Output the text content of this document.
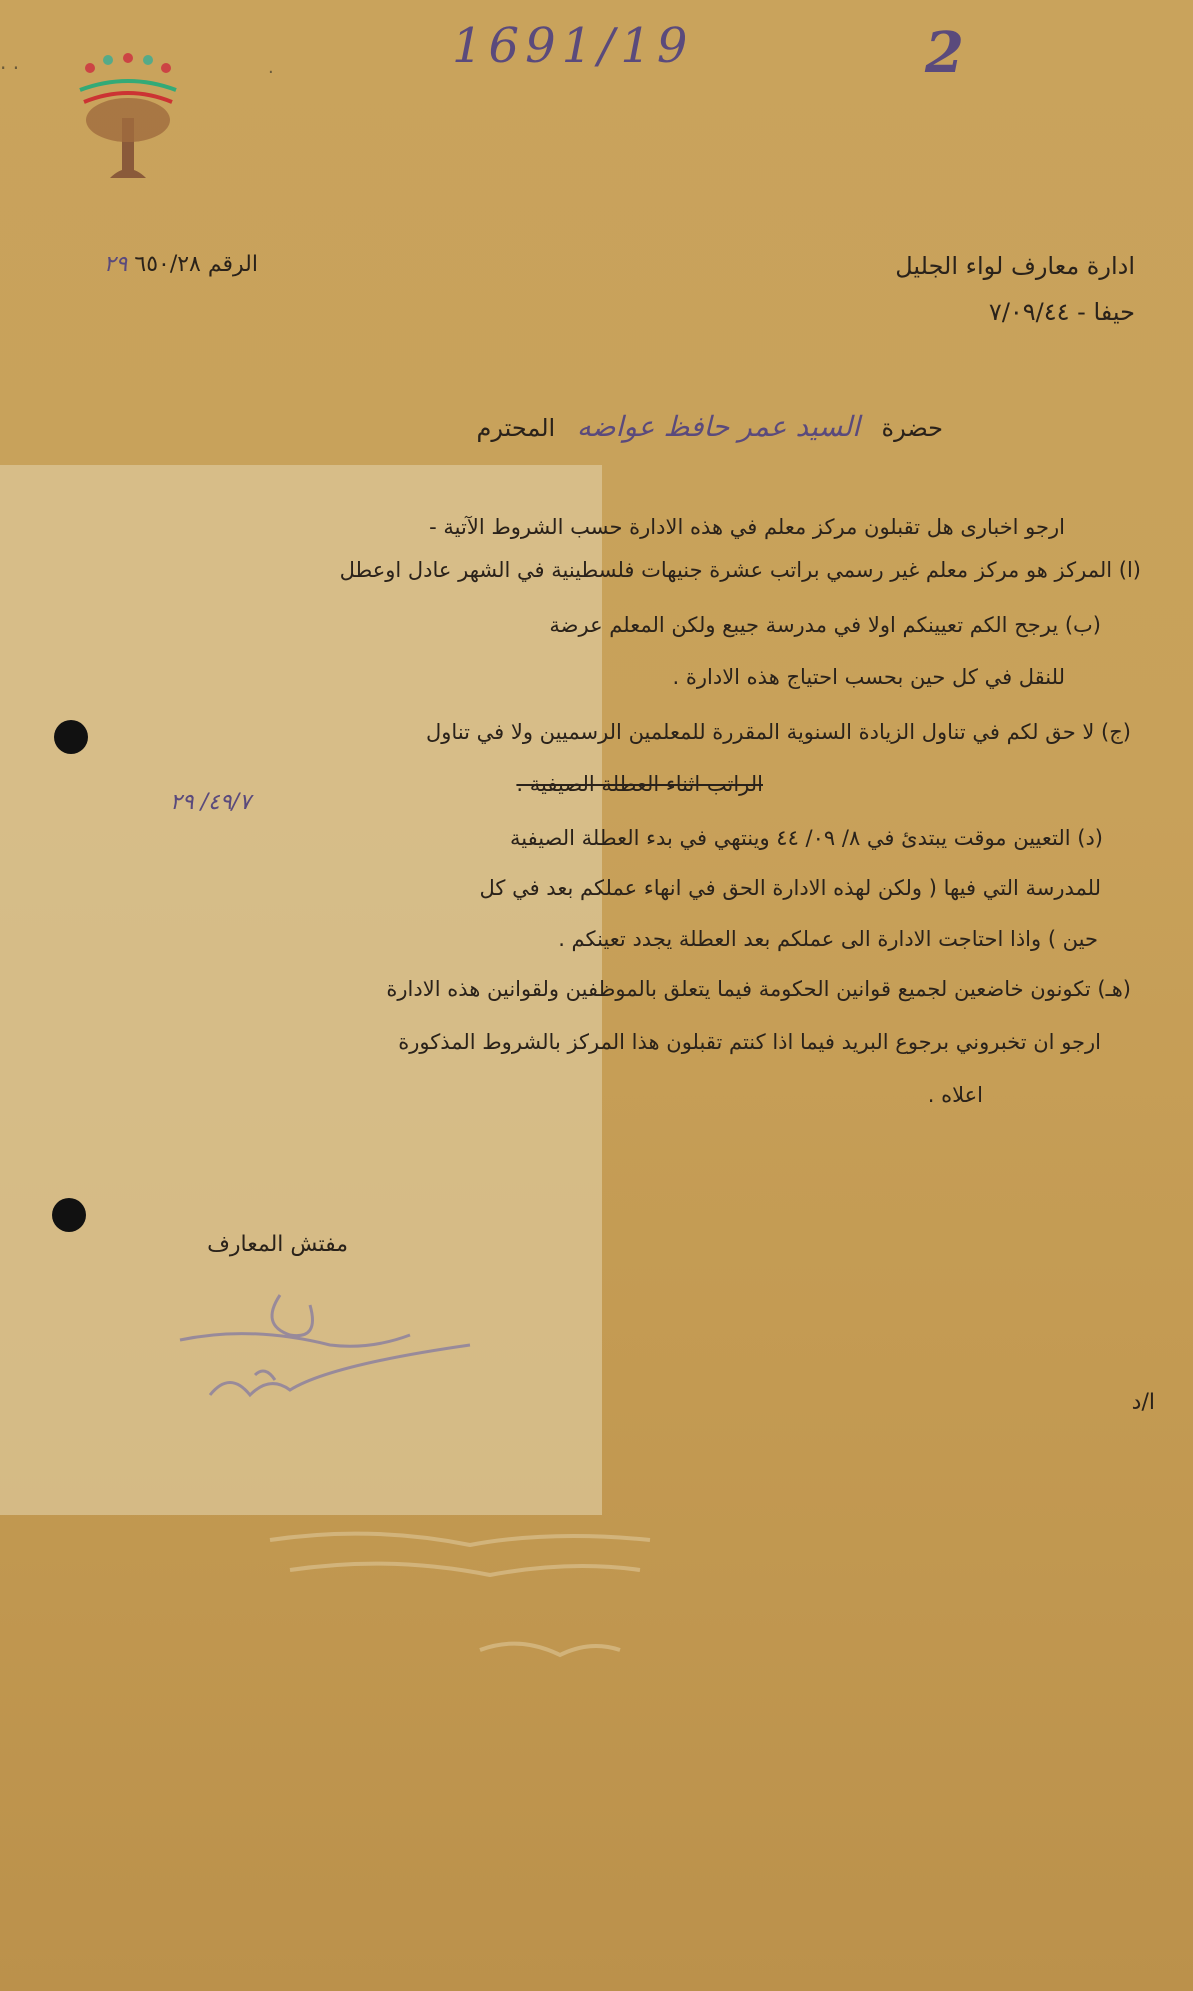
· ·	·	1691/19	2
ادارة معارف لواء الجليل
حيفا - ٧/٠٩/٤٤
الرقم ٦٥٠/٢٨ ٢٩
حضرة السيد عمر حافظ عواضه المحترم
ارجو اخبارى هل تقبلون مركز معلم في هذه الادارة حسب الشروط الآتية -
(ا) المركز هو مركز معلم غير رسمي براتب عشرة جنيهات فلسطينية في الشهر عادل اوعطل
(ب) يرجح الكم تعيينكم اولا في مدرسة جيبع ولكن المعلم عرضة
للنقل في كل حين بحسب احتياج هذه الادارة .
(ج) لا حق لكم في تناول الزيادة السنوية المقررة للمعلمين الرسميين ولا في تناول
الراتب اثناء العطلة الصيفية .
٤٩/٧/ ٢٩
(د) التعيين موقت يبتدئ في ٨/ ٠٩/ ٤٤ وينتهي في بدء العطلة الصيفية
للمدرسة التي فيها ( ولكن لهذه الادارة الحق في انهاء عملكم بعد في كل
حين ) واذا احتاجت الادارة الى عملكم بعد العطلة يجدد تعينكم .
(هـ) تكونون خاضعين لجميع قوانين الحكومة فيما يتعلق بالموظفين ولقوانين هذه الادارة
ارجو ان تخبروني برجوع البريد فيما اذا كنتم تقبلون هذا المركز بالشروط المذكورة
اعلاه .
مفتش المعارف
ا/د
